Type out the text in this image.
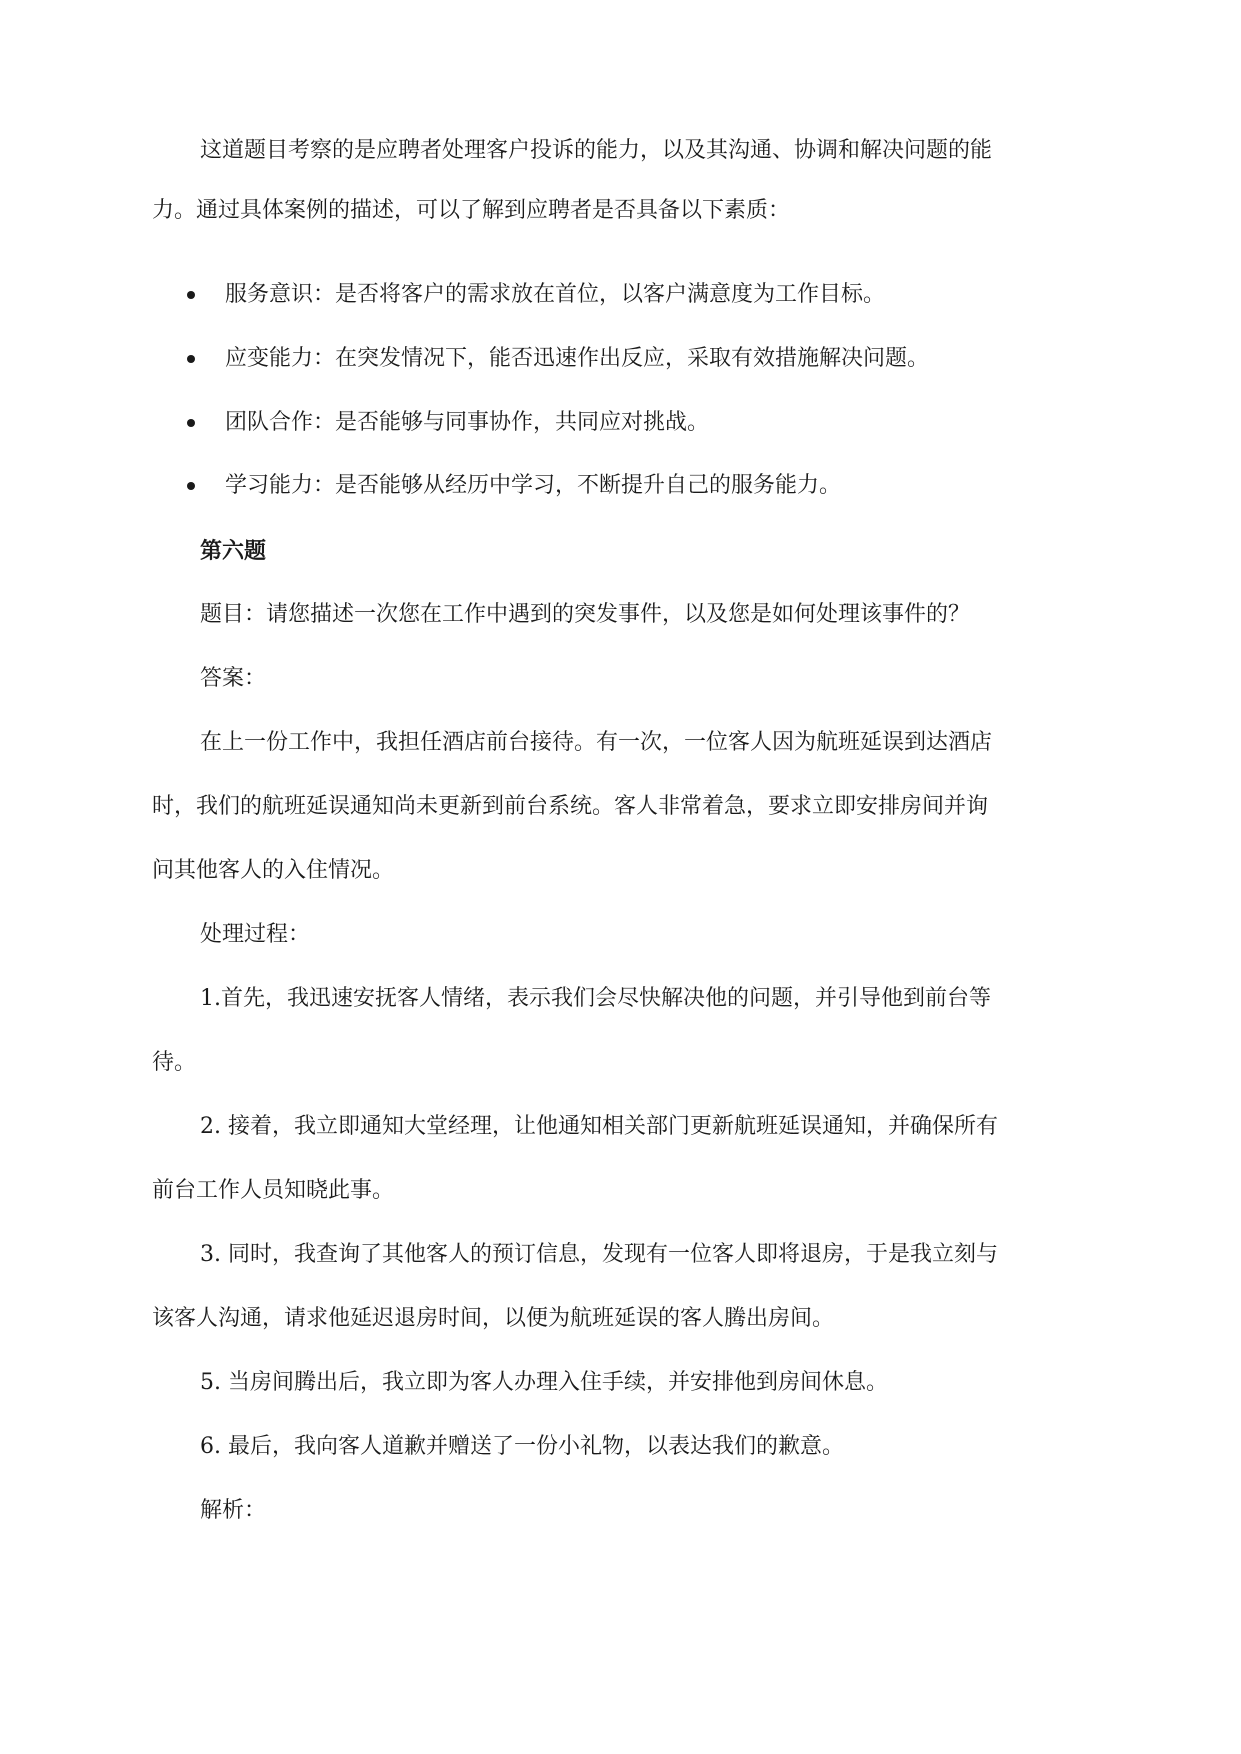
这道题目考察的是应聘者处理客户投诉的能力，以及其沟通、协调和解决问题的能
力。通过具体案例的描述，可以了解到应聘者是否具备以下素质：
服务意识：是否将客户的需求放在首位，以客户满意度为工作目标。
应变能力：在突发情况下，能否迅速作出反应，采取有效措施解决问题。
团队合作：是否能够与同事协作，共同应对挑战。
学习能力：是否能够从经历中学习，不断提升自己的服务能力。
第六题
题目：请您描述一次您在工作中遇到的突发事件，以及您是如何处理该事件的？
答案：
在上一份工作中，我担任酒店前台接待。有一次，一位客人因为航班延误到达酒店
时，我们的航班延误通知尚未更新到前台系统。客人非常着急，要求立即安排房间并询
问其他客人的入住情况。
处理过程：
1.首先，我迅速安抚客人情绪，表示我们会尽快解决他的问题，并引导他到前台等
待。
2. 接着，我立即通知大堂经理，让他通知相关部门更新航班延误通知，并确保所有
前台工作人员知晓此事。
3. 同时，我查询了其他客人的预订信息，发现有一位客人即将退房，于是我立刻与
该客人沟通，请求他延迟退房时间，以便为航班延误的客人腾出房间。
5. 当房间腾出后，我立即为客人办理入住手续，并安排他到房间休息。
6. 最后，我向客人道歉并赠送了一份小礼物，以表达我们的歉意。
解析：
